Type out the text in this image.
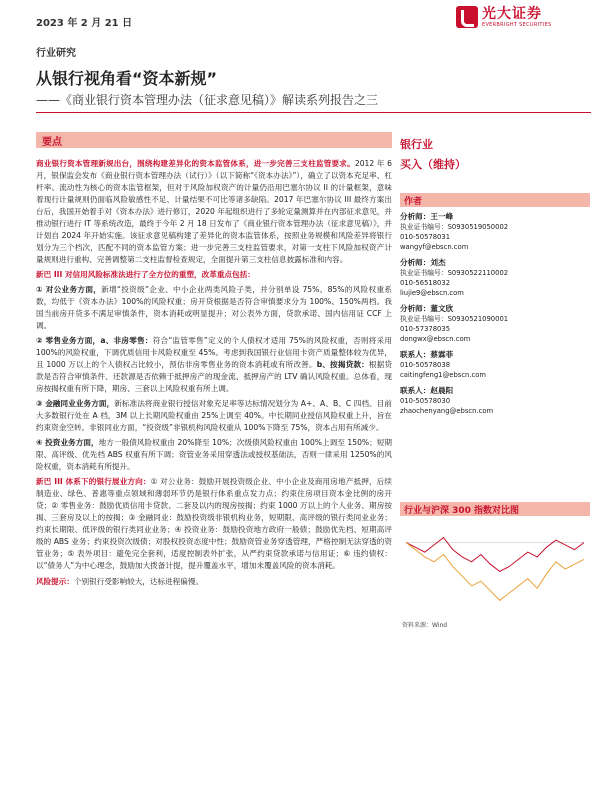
2023 年 2 月 21 日
光大证券
EVERBRIGHT SECURITIES
行业研究
从银行视角看“资本新规”
——《商业银行资本管理办法（征求意见稿）》解读系列报告之三
要点

商业银行资本管理新规出台，围绕构建差异化的资本监管体系，进一步完善三支柱监管要求。2012 年 6 月，银保监会发布《商业银行资本管理办法（试行）》（以下简称“《资本办法》”），确立了以资本充足率、杠杆率、流动性为核心的资本监管框架，但对于风险加权资产的计量仍沿用巴塞尔协议 II 的计量框架，意味着现行计量规则仍面临风险敏感性不足、计量结果不可比等诸多缺陷。2017 年巴塞尔协议 III 最终方案出台后，我国开始着手对《资本办法》进行修订，2020 年起组织进行了多轮定量测算并在内部征求意见，并推动银行进行 IT 等系统改造，最终于今年 2 月 18 日发布了《商业银行资本管理办法（征求意见稿）》，并计划自 2024 年开始实施。该征求意见稿构建了差异化的资本监管体系，按照业务规模和风险差异将银行划分为三个档次，匹配不同的资本监管方案；进一步完善三支柱监管要求，对第一支柱下风险加权资产计量规则进行重构、完善调整第二支柱监督检查规定，全面提升第三支柱信息披露标准和内容。

新巴 III 对信用风险标准法进行了全方位的重塑，改革重点包括：

① 对公业务方面，新增“投资级”企业、中小企业两类风险子类，并分别单设 75%、85%的风险权重系数，均低于《资本办法》100%的风险权重；房开贷根据是否符合审慎要求分为 100%、150%两档。我国当前房开贷多不满足审慎条件，资本消耗或明显提升；对公表外方面，贷款承诺、国内信用证 CCF 上调。

② 零售业务方面，a、非房零售：符合“监管零售”定义的个人债权才适用 75%的风险权重，否则将采用 100%的风险权重，下调优质信用卡风险权重至 45%。考虑到我国银行业信用卡资产质量整体较为优异，且 1000 万以上的个人债权占比较小，预估非房零售业务的资本消耗或有所改善。b、按揭贷款：根据贷款是否符合审慎条件、还款源是否依赖于抵押房产的现金流、抵押房产的 LTV 确认风险权重。总体看，现房按揭权重有所下降，期房、三套以上风险权重有所上调。

③ 金融同业业务方面，新标准法将商业银行授信对象充足率等达标情况划分为 A+、A、B、C 四档。目前大多数银行处在 A 档，3M 以上长期风险权重由 25%上调至 40%。中长期同业授信风险权重上升，旨在约束资金空转。非银同业方面，“投资级”非银机构风险权重从 100%下降至 75%，资本占用有所减少。

④ 投资业务方面，地方一般债风险权重由 20%降至 10%；次级债风险权重由 100%上调至 150%；短期限、高评级、优先档 ABS 权重有所下调；资管业务采用穿透法或授权基础法，否则一律采用 1250%的风险权重，资本消耗有所提升。

新巴 III 体系下的银行展业方向：① 对公业务：鼓励开展投资级企业、中小企业及商用房地产抵押，后续制造业、绿色、普惠等重点领域和薄弱环节仍是银行体系重点发力点；约束住房项目资本金比例的房开贷；② 零售业务：鼓励优质信用卡贷款、二套及以内的现房按揭；约束 1000 万以上的个人业务、期房按揭、三套房及以上的按揭；③ 金融同业：鼓励投资级非银机构业务，短期限、高评级的银行类同业业务；约束长期限、低评级的银行类同业业务；④ 投资业务：鼓励投资地方政府一般债；鼓励优先档、短期高评级的 ABS 业务；约束投资次级债；对股权投资态度中性；鼓励资管业务穿透管理，严格控制无法穿透的资管业务；⑤ 表外项目：避免完全套利，适度控制表外扩张，从严约束贷款承诺与信用证；⑥ 违约债权：以“债务人”为中心理念，鼓励加大拨备计提，提升覆盖水平，增加未覆盖风险的资本消耗。

风险提示：个别银行受影响较大，达标进程偏慢。

银行业
买入（维持）
作者
分析师：王一峰
执业证书编号：S0930519050002
010-50578031
wangyf@ebscn.com
分析师：刘杰
执业证书编号：S0930522110002
010-56518032
liujie9@ebscn.com
分析师：董文欣
执业证书编号：S0930521090001
010-57378035
dongwx@ebscn.com
联系人：蔡霖菲
010-50578038
caitingfeng1@ebscn.com
联系人：赵晨阳
010-50578030
zhaochenyang@ebscn.com
行业与沪深 300 指数对比图
资料来源：Wind
